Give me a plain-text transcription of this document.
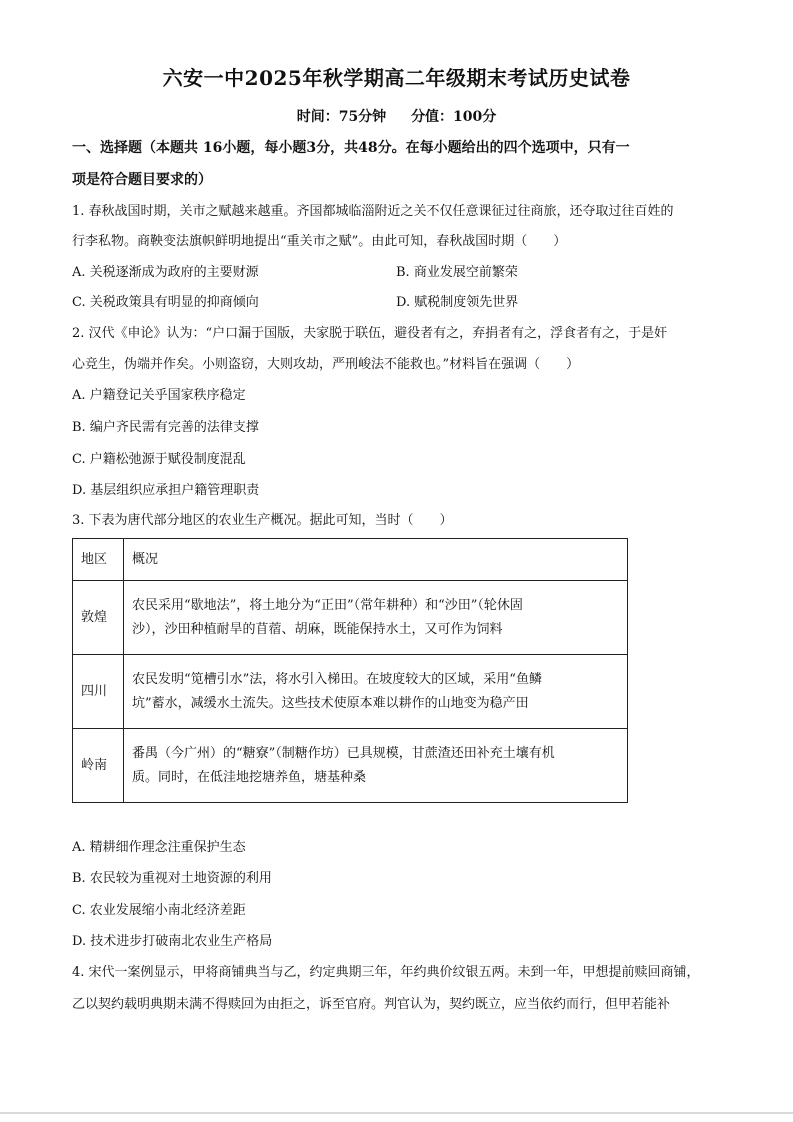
六安一中2025年秋学期高二年级期末考试历史试卷
时间：75分钟 分值：100分
一、选择题（本题共 16小题，每小题3分，共48分。在每小题给出的四个选项中，只有一
项是符合题目要求的）
1. 春秋战国时期，关市之赋越来越重。齐国都城临淄附近之关不仅任意课征过往商旅，还夺取过往百姓的
行李私物。商鞅变法旗帜鲜明地提出“重关市之赋”。由此可知，春秋战国时期（　　）
A. 关税逐渐成为政府的主要财源	B. 商业发展空前繁荣
C. 关税政策具有明显的抑商倾向	D. 赋税制度领先世界
2. 汉代《申论》认为：“户口漏于国版，夫家脱于联伍，避役者有之，弃捐者有之，浮食者有之，于是奸
心竞生，伪端并作矣。小则盗窃，大则攻劫，严刑峻法不能救也。”材料旨在强调（　　）
A. 户籍登记关乎国家秩序稳定
B. 编户齐民需有完善的法律支撑
C. 户籍松弛源于赋役制度混乱
D. 基层组织应承担户籍管理职责
3. 下表为唐代部分地区的农业生产概况。据此可知，当时（　　）
地区	概况
敦煌	农民采用“歇地法”，将土地分为“正田”（常年耕种）和“沙田”（轮休固
沙），沙田种植耐旱的苜蓿、胡麻，既能保持水土，又可作为饲料

四川	农民发明“笕槽引水”法，将水引入梯田。在坡度较大的区域，采用“鱼鳞
坑”蓄水，减缓水土流失。这些技术使原本难以耕作的山地变为稳产田

岭南	番禺（今广州）的“糖寮”（制糖作坊）已具规模，甘蔗渣还田补充土壤有机
质。同时，在低洼地挖塘养鱼，塘基种桑
A. 精耕细作理念注重保护生态
B. 农民较为重视对土地资源的利用
C. 农业发展缩小南北经济差距
D. 技术进步打破南北农业生产格局
4. 宋代一案例显示，甲将商铺典当与乙，约定典期三年，年约典价纹银五两。未到一年，甲想提前赎回商铺，
乙以契约载明典期未满不得赎回为由拒之，诉至官府。判官认为，契约既立，应当依约而行，但甲若能补
